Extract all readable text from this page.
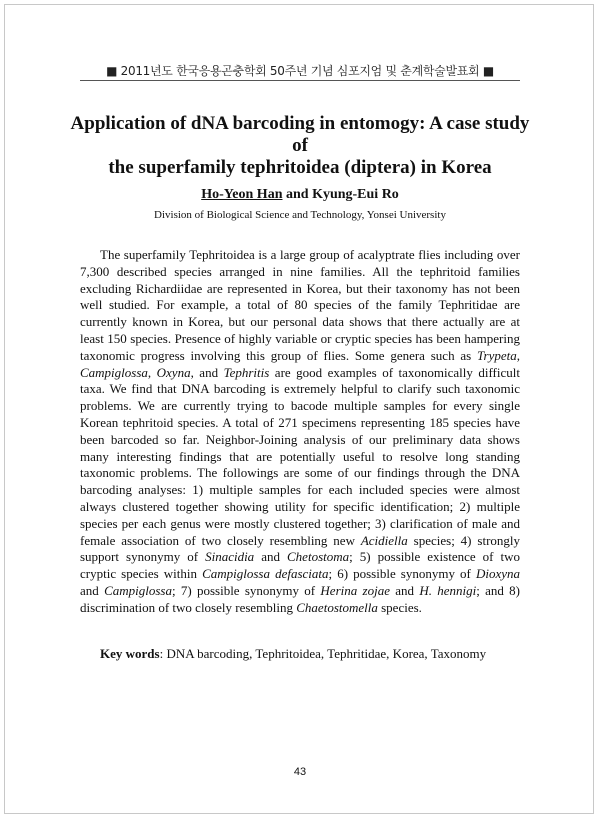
■ 2011년도 한국응용곤충학회 50주년 기념 심포지엄 및 춘계학술발표회 ■
Application of dNA barcoding in entomogy: A case study of
the superfamily tephritoidea (diptera) in Korea
Ho-Yeon Han and Kyung-Eui Ro
Division of Biological Science and Technology, Yonsei University

The superfamily Tephritoidea is a large group of acalyptrate flies including over 7,300 described species arranged in nine families. All the tephritoid families excluding Richardiidae are represented in Korea, but their taxonomy has not been well studied. For example, a total of 80 species of the family Tephritidae are currently known in Korea, but our personal data shows that there actually are at least 150 species. Presence of highly variable or cryptic species has been hampering taxonomic progress involving this group of flies. Some genera such as Trypeta, Campiglossa, Oxyna, and Tephritis are good examples of taxonomically difficult taxa. We find that DNA barcoding is extremely helpful to clarify such taxonomic problems. We are currently trying to bacode multiple samples for every single Korean tephritoid species. A total of 271 specimens representing 185 species have been barcoded so far. Neighbor-Joining analysis of our preliminary data shows many interesting findings that are potentially useful to resolve long standing taxonomic problems. The followings are some of our findings through the DNA barcoding analyses: 1) multiple samples for each included species were almost always clustered together showing utility for specific identification; 2) multiple species per each genus were mostly clustered together; 3) clarification of male and female association of two closely resembling new Acidiella species; 4) strongly support synonymy of Sinacidia and Chetostoma; 5) possible existence of two cryptic species within Campiglossa defasciata; 6) possible synonymy of Dioxyna and Campiglossa; 7) possible synonymy of Herina zojae and H. hennigi; and 8) discrimination of two closely resembling Chaetostomella species.

Key words: DNA barcoding, Tephritoidea, Tephritidae, Korea, Taxonomy
43
